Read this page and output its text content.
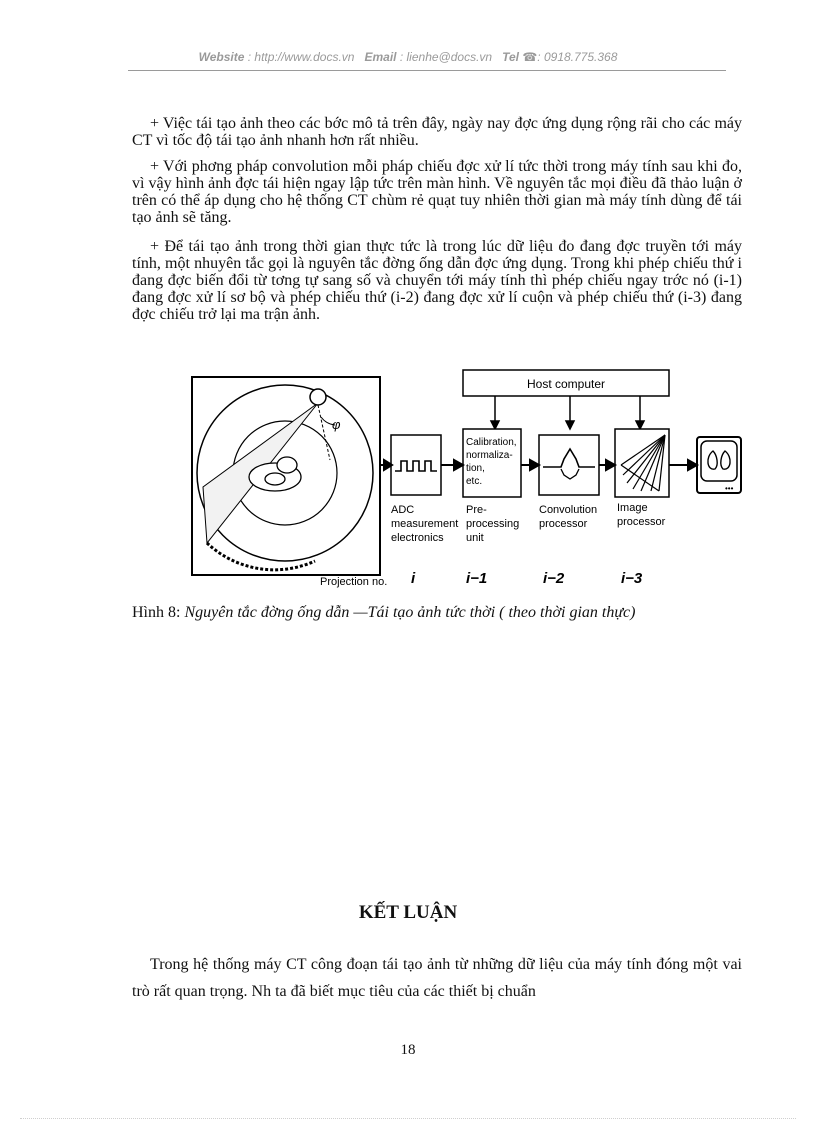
Website : http://www.docs.vn Email : lienhe@docs.vn Tel ☎: 0918.775.368

+ Việc tái tạo ảnh theo các bớc mô tả trên đây, ngày nay đợc ứng dụng rộng rãi cho các máy CT vì tốc độ tái tạo ảnh nhanh hơn rất nhiều.

+ Với phơng pháp convolution mỗi pháp chiếu đợc xử lí tức thời trong máy tính sau khi đo, vì vậy hình ảnh đợc tái hiện ngay lập tức trên màn hình. Về nguyên tắc mọi điều đã thảo luận ở trên có thể áp dụng cho hệ thống CT chùm rẻ quạt tuy nhiên thời gian mà máy tính dùng để tái tạo ảnh sẽ tăng.

+ Để tái tạo ảnh trong thời gian thực tức là trong lúc dữ liệu đo đang đợc truyền tới máy tính, một nhuyên tắc gọi là nguyên tắc đờng ống dẫn đợc ứng dụng. Trong khi phép chiếu thứ i đang đợc biến đổi từ tơng tự sang số và chuyển tới máy tính thì phép chiếu ngay trớc nó (i-1) đang đợc xử lí sơ bộ và phép chiếu thứ (i-2) đang đợc xử lí cuộn và phép chiếu thứ (i-3) đang đợc chiếu trở lại ma trận ảnh.

φ
Host computer
Calibration,
normaliza-
tion,
etc.
•••
ADC
measurement
electronics
Pre-
processing
unit
Convolution
processor
Image
processor
Projection no. i	i−1	i−2	i−3
Hình 8: Nguyên tắc đờng ống dẫn —Tái tạo ảnh tức thời ( theo thời gian thực)
KẾT LUẬN

Trong hệ thống máy CT công đoạn tái tạo ảnh từ những dữ liệu của máy tính đóng một vai trò rất quan trọng. Nh ta đã biết mục tiêu của các thiết bị chuẩn

18
